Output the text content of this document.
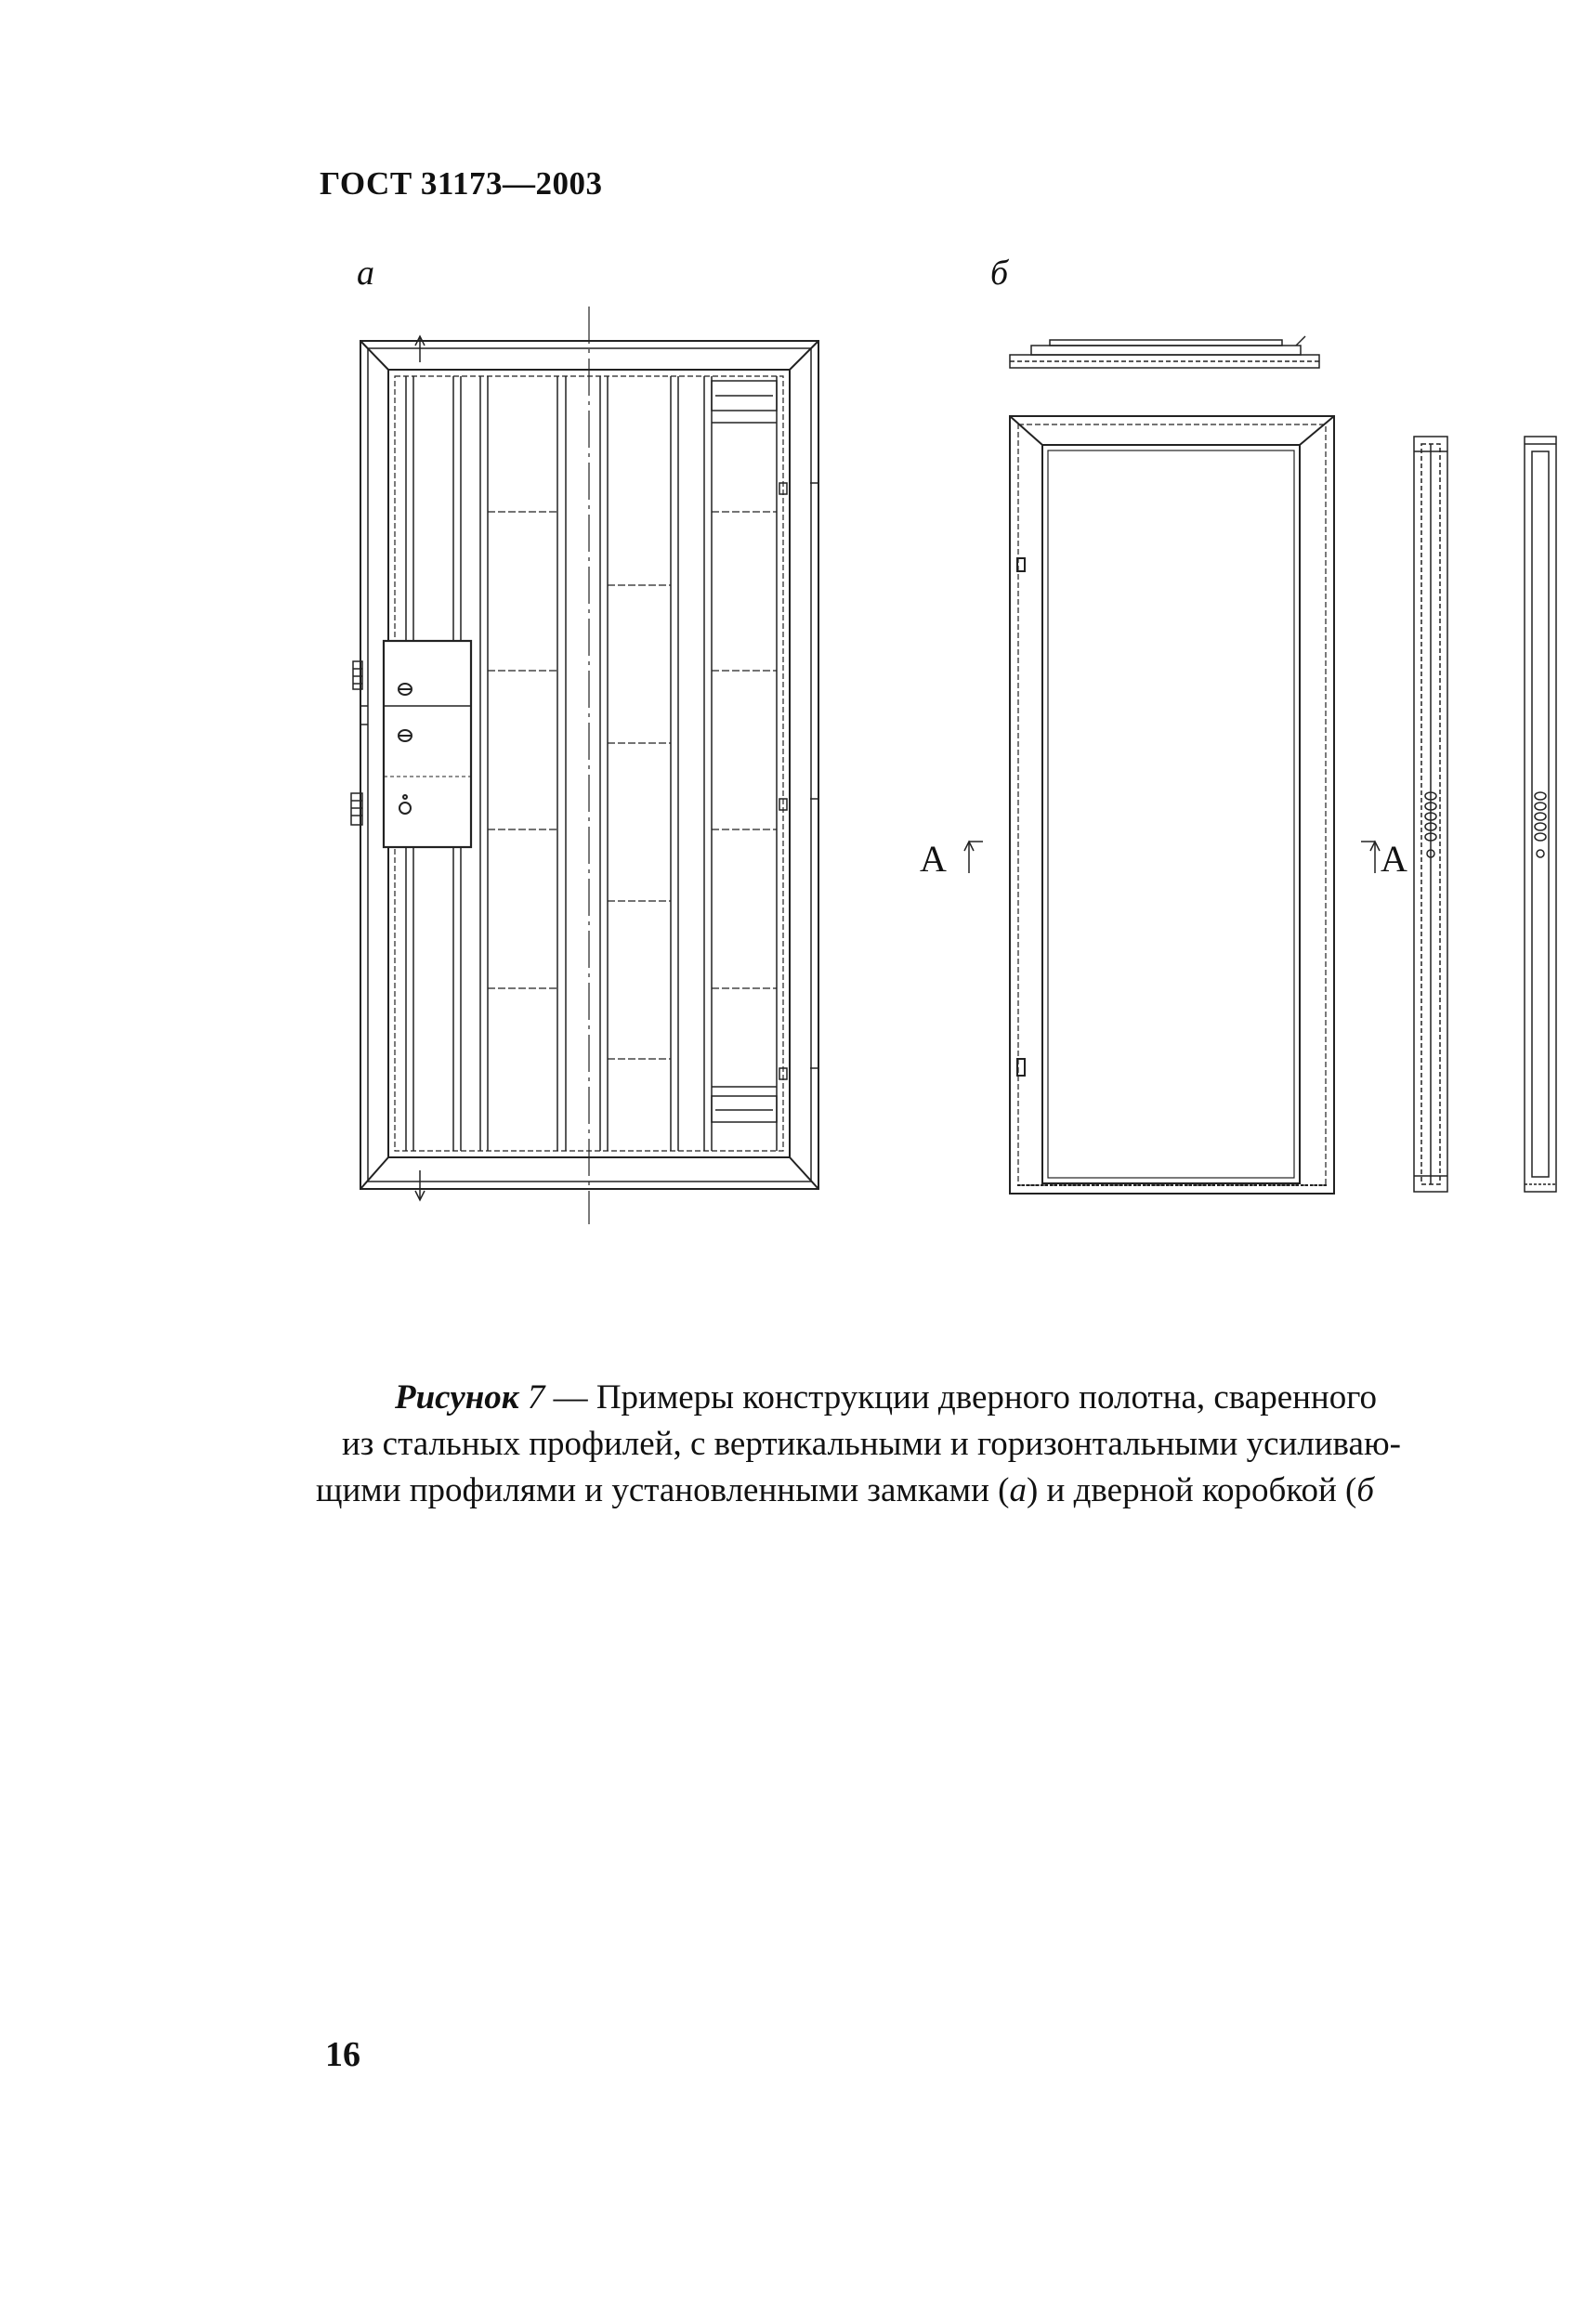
ГОСТ 31173—2003
а	б
А	А
Рисунок 7 — Примеры конструкции дверного полотна, сваренного
из стальных профилей, с вертикальными и горизонтальными усиливаю-
щими профилями и установленными замками (а) и дверной коробкой (б
16
